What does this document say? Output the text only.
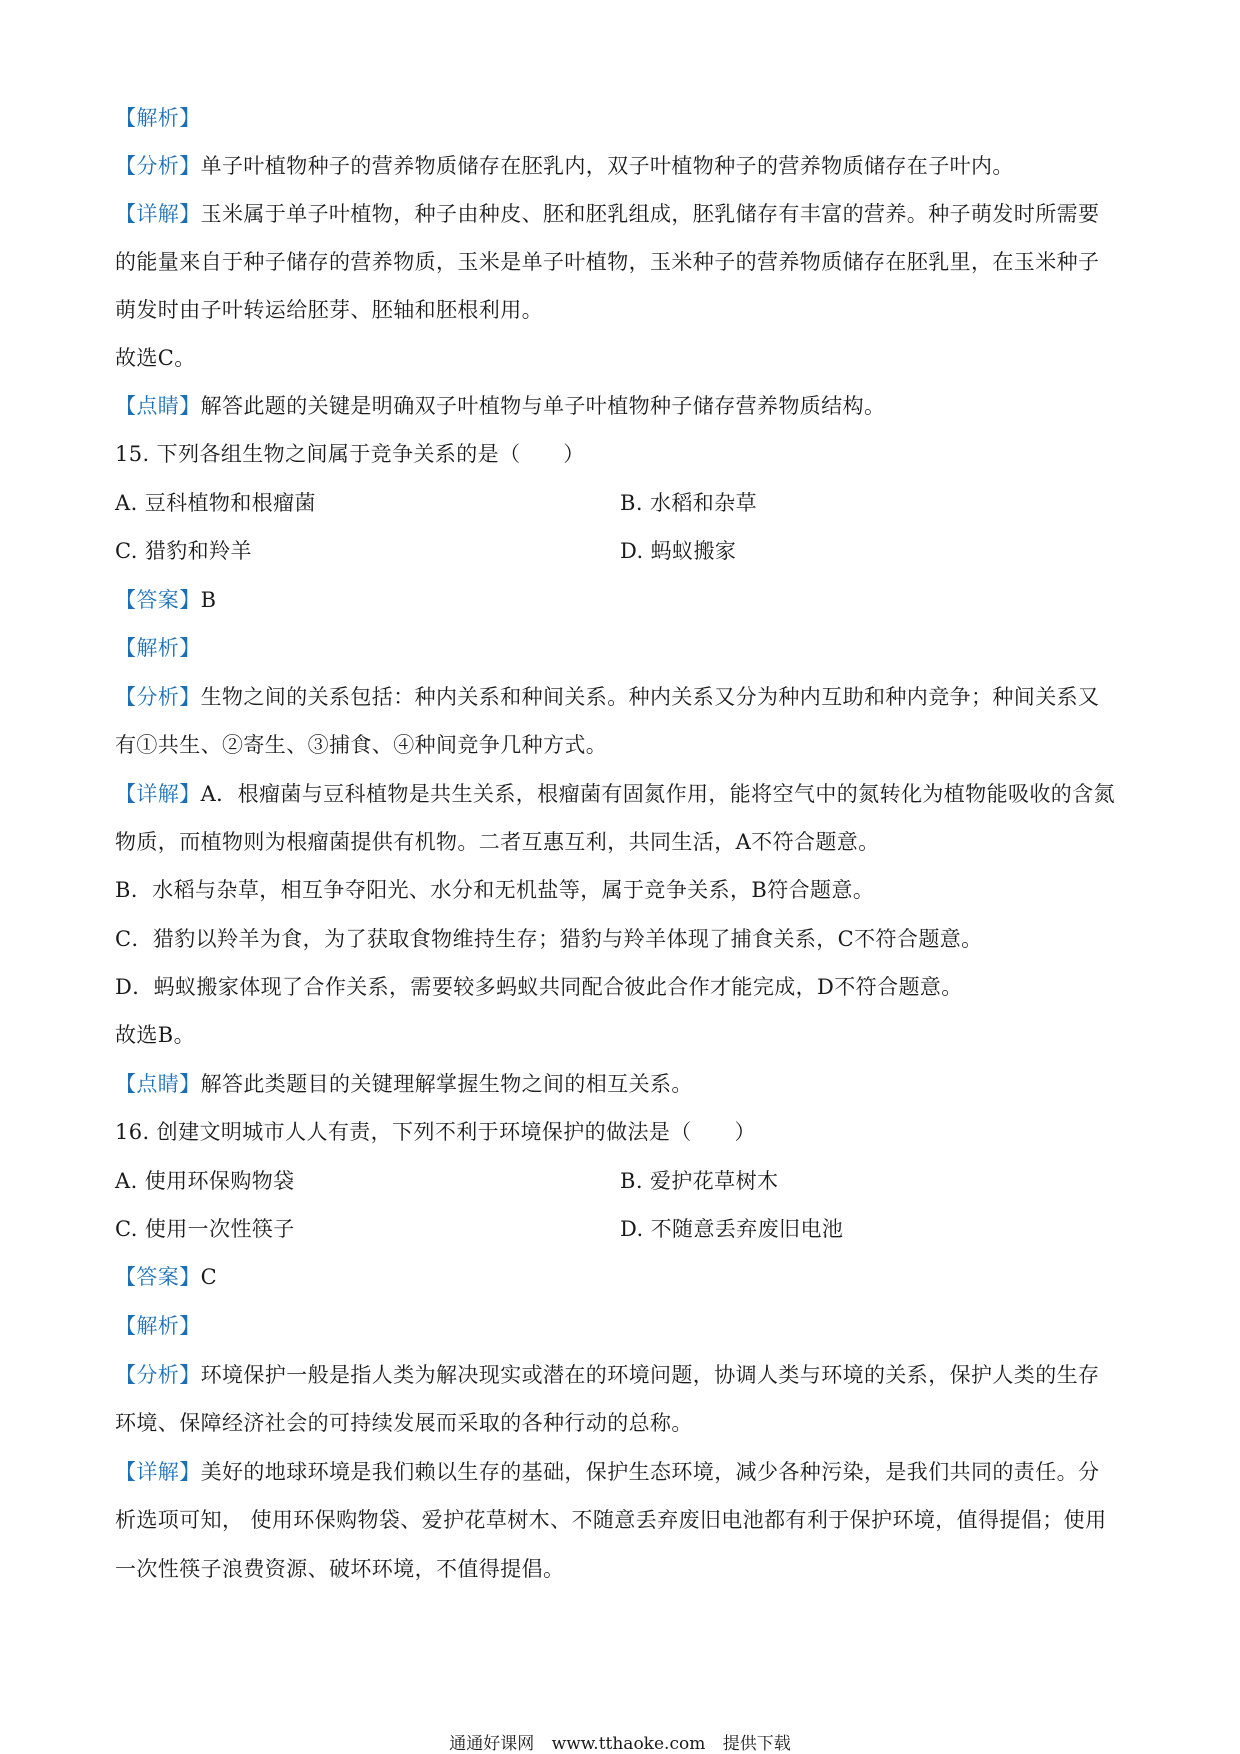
【解析】
【分析】单子叶植物种子的营养物质储存在胚乳内，双子叶植物种子的营养物质储存在子叶内。
【详解】玉米属于单子叶植物，种子由种皮、胚和胚乳组成，胚乳储存有丰富的营养。种子萌发时所需要
的能量来自于种子储存的营养物质，玉米是单子叶植物，玉米种子的营养物质储存在胚乳里，在玉米种子
萌发时由子叶转运给胚芽、胚轴和胚根利用。
故选C。
【点睛】解答此题的关键是明确双子叶植物与单子叶植物种子储存营养物质结构。
15. 下列各组生物之间属于竞争关系的是（　　）
A. 豆科植物和根瘤菌	B. 水稻和杂草
C. 猎豹和羚羊	D. 蚂蚁搬家
【答案】B
【解析】
【分析】生物之间的关系包括：种内关系和种间关系。种内关系又分为种内互助和种内竞争；种间关系又
有①共生、②寄生、③捕食、④种间竞争几种方式。
【详解】A．根瘤菌与豆科植物是共生关系，根瘤菌有固氮作用，能将空气中的氮转化为植物能吸收的含氮
物质，而植物则为根瘤菌提供有机物。二者互惠互利，共同生活，A不符合题意。
B．水稻与杂草，相互争夺阳光、水分和无机盐等，属于竞争关系，B符合题意。
C．猎豹以羚羊为食，为了获取食物维持生存；猎豹与羚羊体现了捕食关系，C不符合题意。
D．蚂蚁搬家体现了合作关系，需要较多蚂蚁共同配合彼此合作才能完成，D不符合题意。
故选B。
【点睛】解答此类题目的关键理解掌握生物之间的相互关系。
16. 创建文明城市人人有责，下列不利于环境保护的做法是（　　）
A. 使用环保购物袋	B. 爱护花草树木
C. 使用一次性筷子	D. 不随意丢弃废旧电池
【答案】C
【解析】
【分析】环境保护一般是指人类为解决现实或潜在的环境问题，协调人类与环境的关系，保护人类的生存
环境、保障经济社会的可持续发展而采取的各种行动的总称。
【详解】美好的地球环境是我们赖以生存的基础，保护生态环境，减少各种污染，是我们共同的责任。分
析选项可知， 使用环保购物袋、爱护花草树木、不随意丢弃废旧电池都有利于保护环境，值得提倡；使用
一次性筷子浪费资源、破坏环境，不值得提倡。
通通好课网 www.tthaoke.com 提供下载
